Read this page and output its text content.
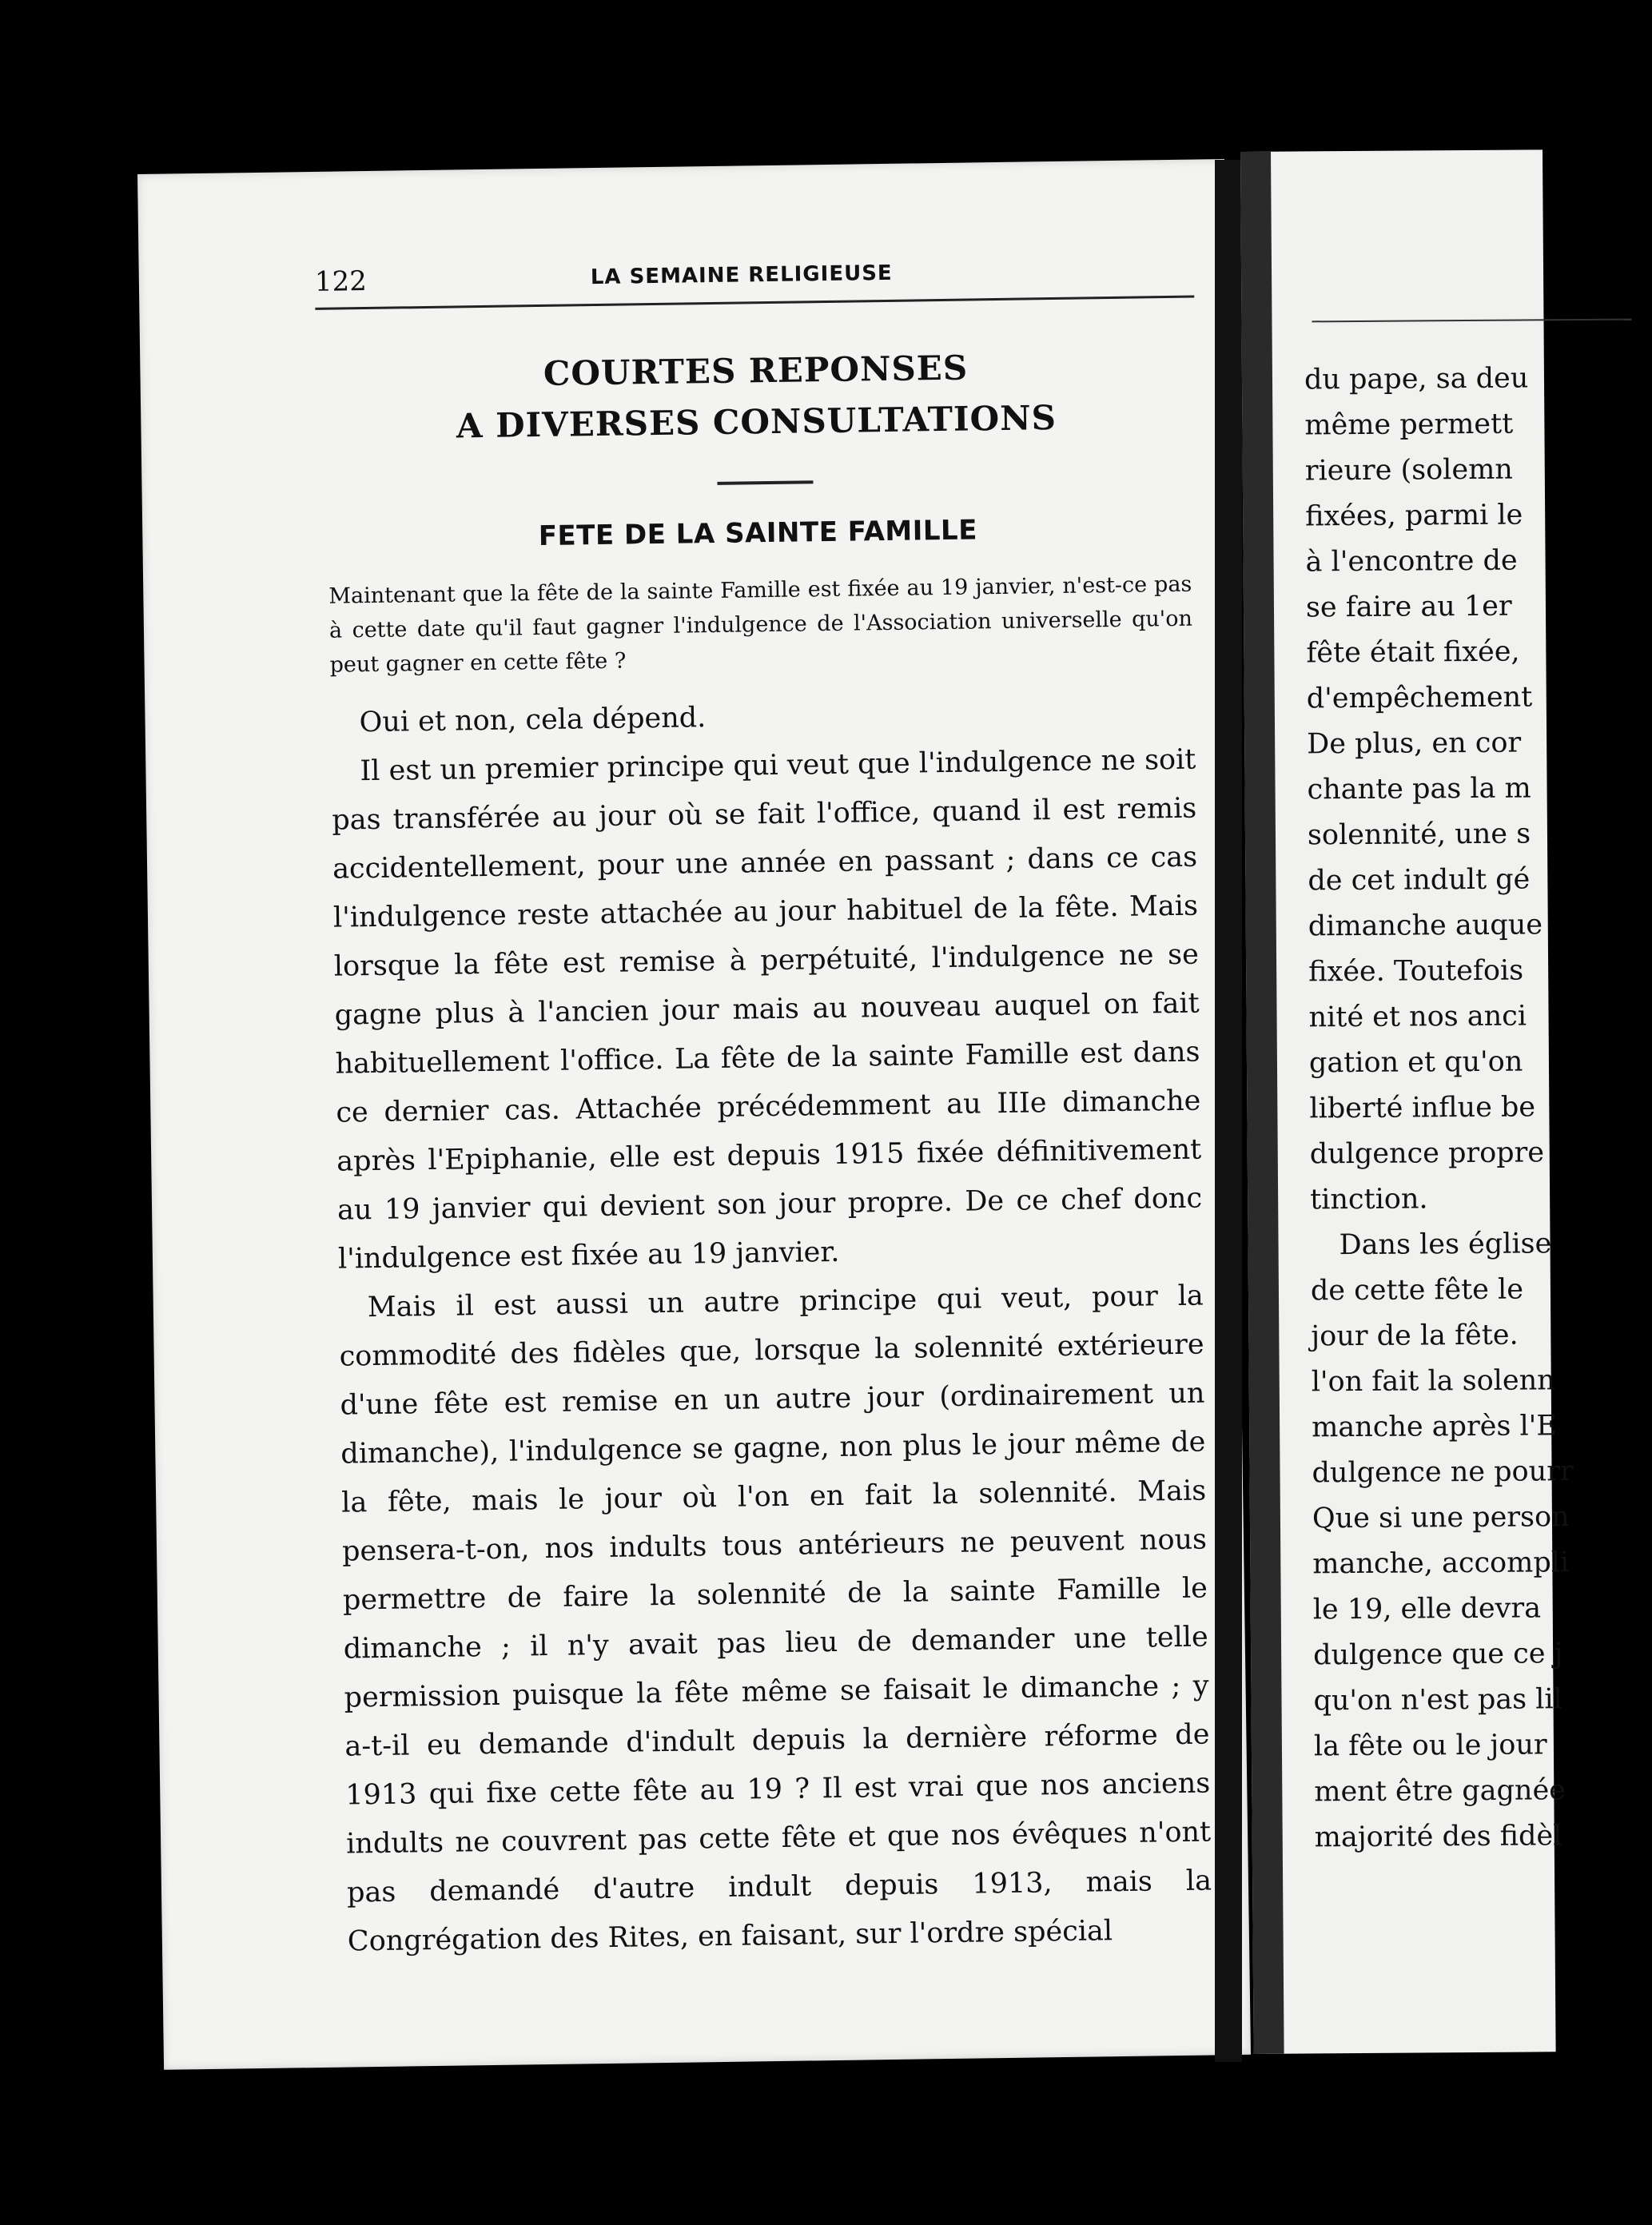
122	LA SEMAINE RELIGIEUSE
COURTES REPONSES
A DIVERSES CONSULTATIONS
FETE DE LA SAINTE FAMILLE
Maintenant que la fête de la sainte Famille est fixée au 19 janvier, n'est-ce pas à cette date qu'il faut gagner l'indulgence de l'Association universelle qu'on peut gagner en cette fête ?

Oui et non, cela dépend.

Il est un premier principe qui veut que l'indulgence ne soit pas transférée au jour où se fait l'office, quand il est remis accidentellement, pour une année en passant ; dans ce cas l'indulgence reste attachée au jour habituel de la fête. Mais lorsque la fête est remise à perpétuité, l'indulgence ne se gagne plus à l'ancien jour mais au nouveau auquel on fait habituellement l'office. La fête de la sainte Famille est dans ce dernier cas. Attachée précédemment au IIIe dimanche après l'Epiphanie, elle est depuis 1915 fixée définitivement au 19 janvier qui devient son jour propre. De ce chef donc l'indulgence est fixée au 19 janvier.

Mais il est aussi un autre principe qui veut, pour la commodité des fidèles que, lorsque la solennité extérieure d'une fête est remise en un autre jour (ordinairement un dimanche), l'indulgence se gagne, non plus le jour même de la fête, mais le jour où l'on en fait la solennité. Mais pensera-t-on, nos indults tous antérieurs ne peuvent nous permettre de faire la solennité de la sainte Famille le dimanche ; il n'y avait pas lieu de demander une telle permission puisque la fête même se faisait le dimanche ; y a-t-il eu demande d'indult depuis la dernière réforme de 1913 qui fixe cette fête au 19 ? Il est vrai que nos anciens indults ne couvrent pas cette fête et que nos évêques n'ont pas demandé d'autre indult depuis 1913, mais la Congrégation des Rites, en faisant, sur l'ordre spécial

du pape, sa deu
même permett
rieure (solemn
fixées, parmi le
à l'encontre de
se faire au 1er
fête était fixée,
d'empêchement
De plus, en cor
chante pas la m
solennité, une s
de cet indult gé
dimanche auque
fixée. Toutefois
nité et nos anci
gation et qu'on
liberté influe be
dulgence propre
tinction.
Dans les église
de cette fête le
jour de la fête.
l'on fait la solenn
manche après l'E
dulgence ne pourr
Que si une person
manche, accompli
le 19, elle devra
dulgence que ce j
qu'on n'est pas lil
la fête ou le jour
ment être gagnée
majorité des fidèl
